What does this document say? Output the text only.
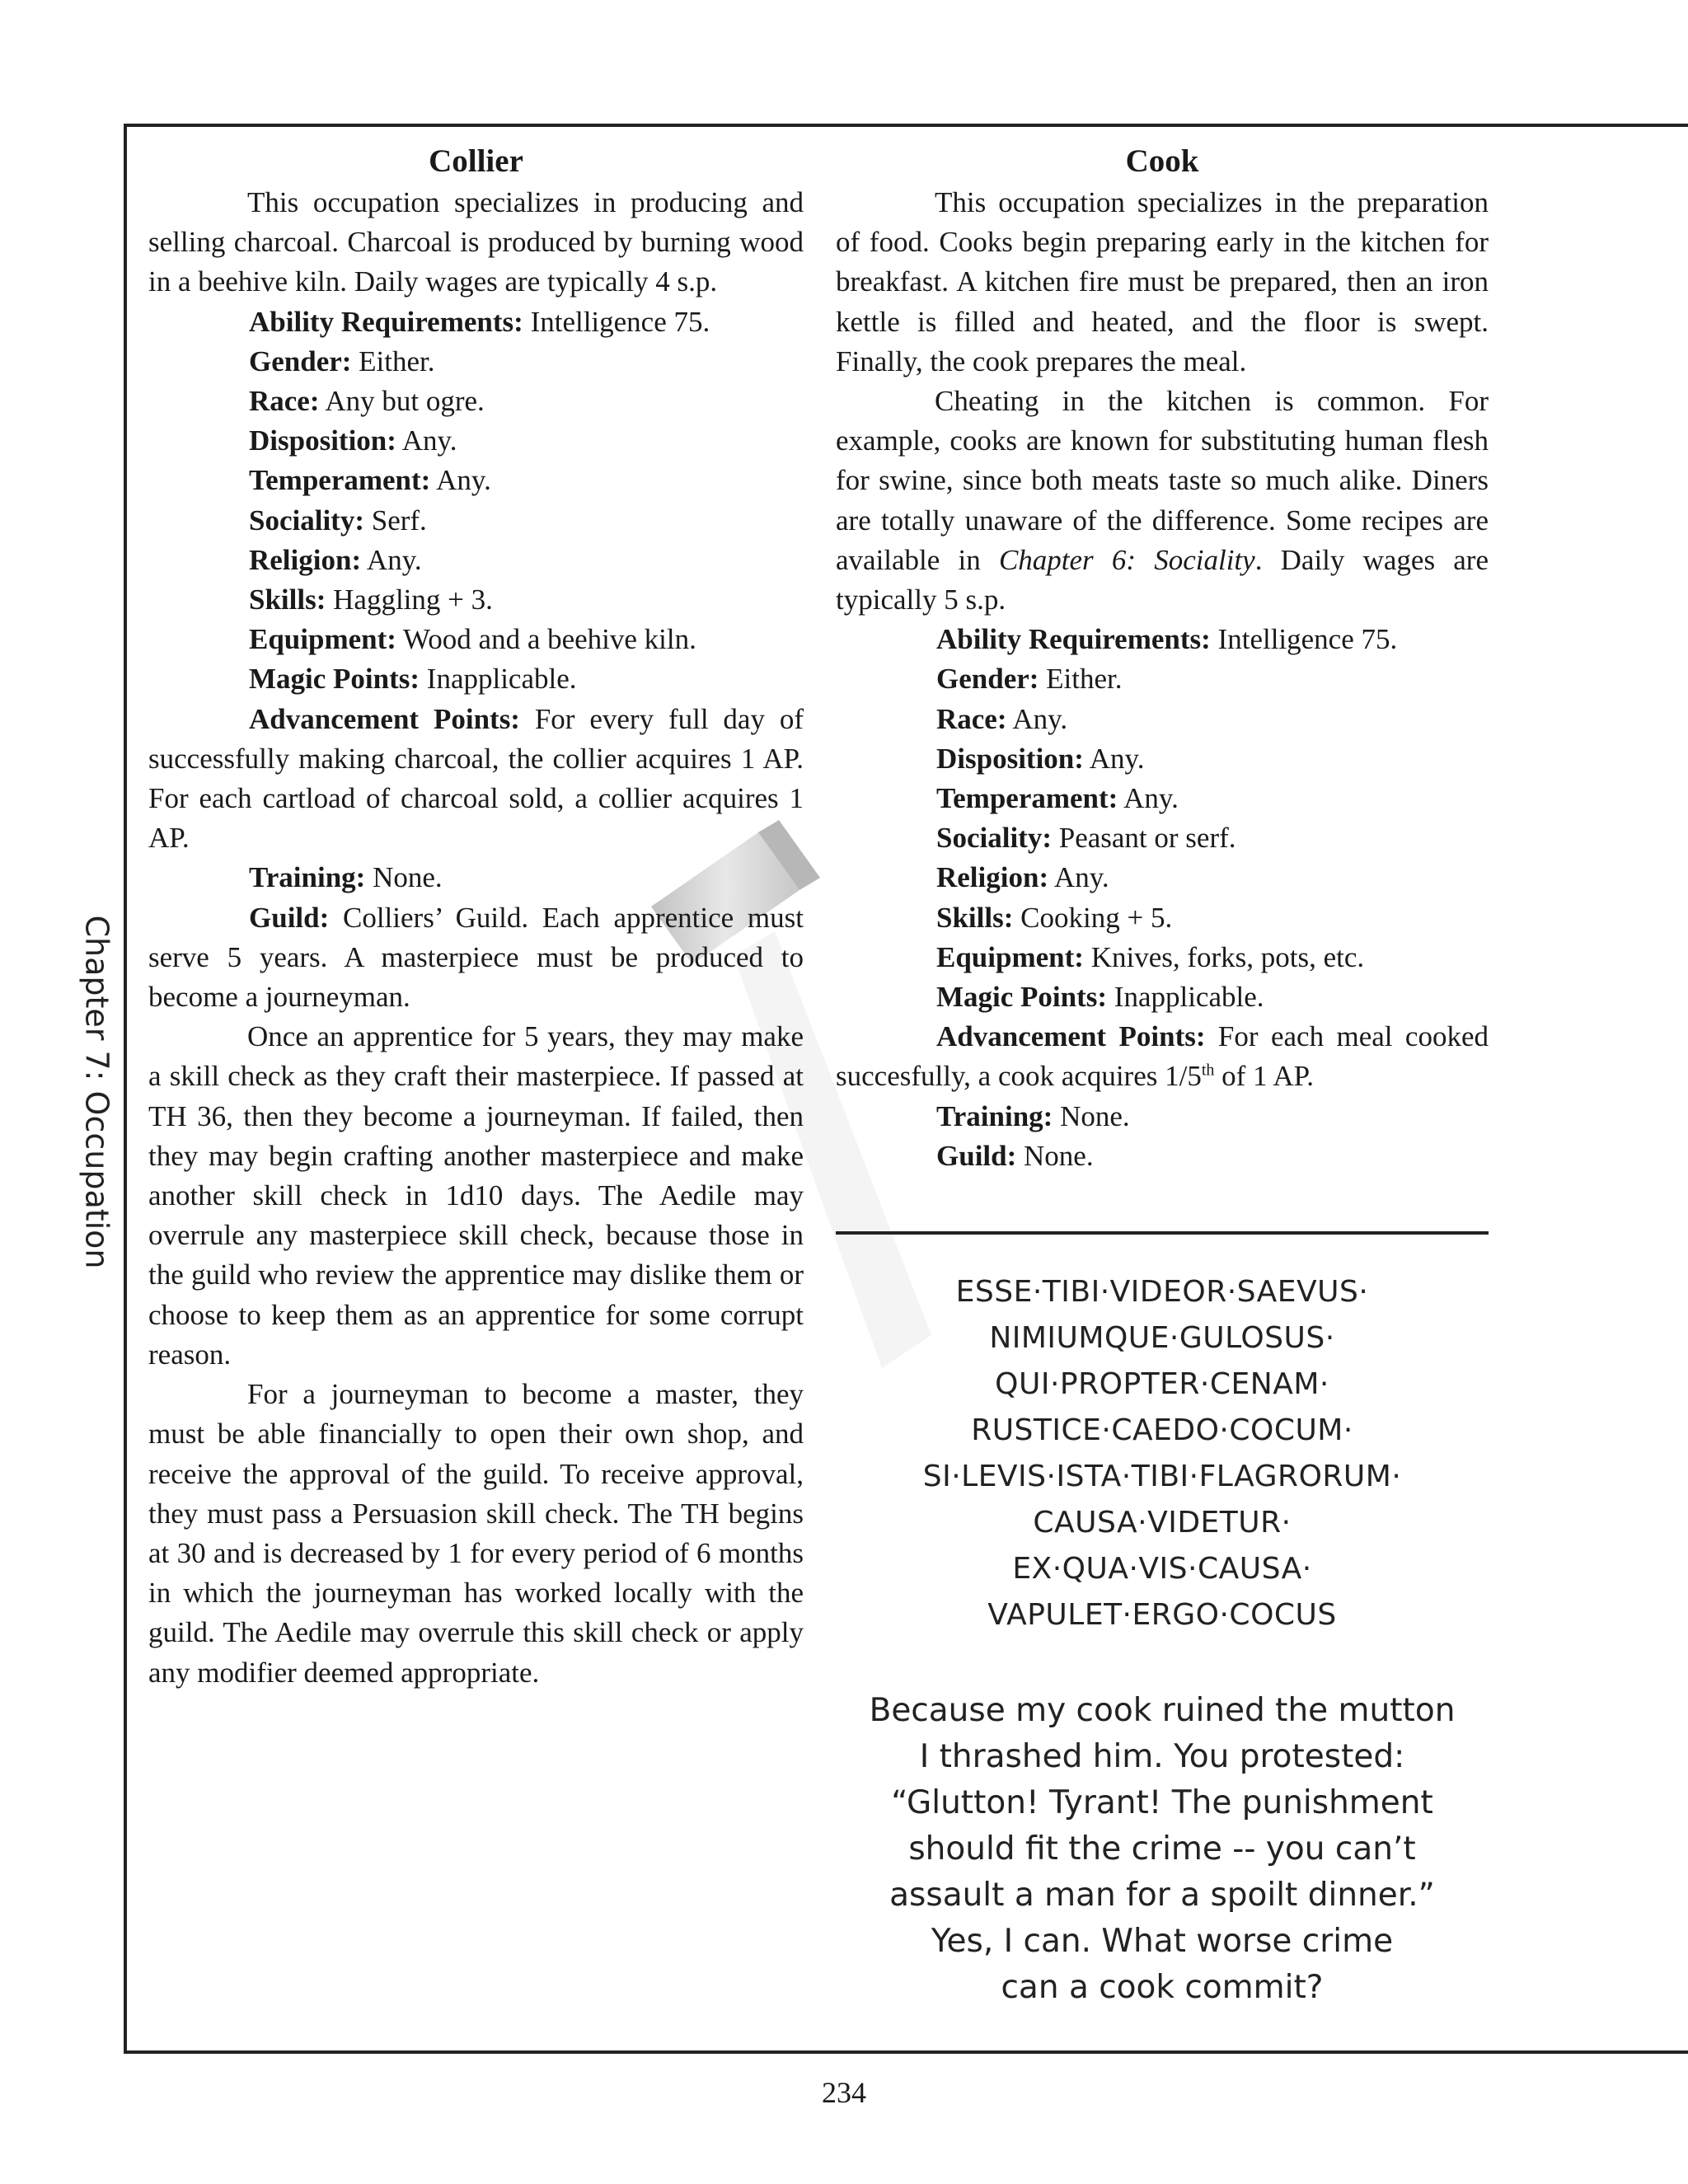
Chapter 7: Occupation
Collier

This occupation specializes in producing and selling charcoal. Charcoal is produced by burning wood in a beehive kiln. Daily wages are typically 4 s.p.

Ability Requirements: Intelligence 75.

Gender: Either.

Race: Any but ogre.

Disposition: Any.

Temperament: Any.

Sociality: Serf.

Religion: Any.

Skills: Haggling + 3.

Equipment: Wood and a beehive kiln.

Magic Points: Inapplicable.

Advancement Points: For every full day of successfully making charcoal, the collier acquires 1 AP. For each cartload of charcoal sold, a collier acquires 1 AP.

Training: None.

Guild: Colliers’ Guild. Each apprentice must serve 5 years. A masterpiece must be produced to become a journeyman.

Once an apprentice for 5 years, they may make a skill check as they craft their masterpiece. If passed at TH 36, then they become a journeyman. If failed, then they may begin crafting another masterpiece and make another skill check in 1d10 days. The Aedile may overrule any masterpiece skill check, because those in the guild who review the apprentice may dislike them or choose to keep them as an apprentice for some corrupt reason.

For a journeyman to become a master, they must be able financially to open their own shop, and receive the approval of the guild. To receive approval, they must pass a Persuasion skill check. The TH begins at 30 and is decreased by 1 for every period of 6 months in which the journeyman has worked locally with the guild. The Aedile may overrule this skill check or apply any modifier deemed appropriate.

Cook

This occupation specializes in the preparation of food. Cooks begin preparing early in the kitchen for breakfast. A kitchen fire must be prepared, then an iron kettle is filled and heated, and the floor is swept. Finally, the cook prepares the meal.

Cheating in the kitchen is common. For example, cooks are known for substituting human flesh for swine, since both meats taste so much alike. Diners are totally unaware of the difference. Some recipes are available in Chapter 6: Sociality. Daily wages are typically 5 s.p.

Ability Requirements: Intelligence 75.

Gender: Either.

Race: Any.

Disposition: Any.

Temperament: Any.

Sociality: Peasant or serf.

Religion: Any.

Skills: Cooking + 5.

Equipment: Knives, forks, pots, etc.

Magic Points: Inapplicable.

Advancement Points: For each meal cooked succesfully, a cook acquires 1/5th of 1 AP.

Training: None.

Guild: None.

ESSE·TIBI·VIDEOR·SAEVUS·
NIMIUMQUE·GULOSUS·
QUI·PROPTER·CENAM·
RUSTICE·CAEDO·COCUM·
SI·LEVIS·ISTA·TIBI·FLAGRORUM·
CAUSA·VIDETUR·
EX·QUA·VIS·CAUSA·
VAPULET·ERGO·COCUS
Because my cook ruined the mutton
I thrashed him. You protested:
“Glutton! Tyrant! The punishment
should fit the crime -- you can’t
assault a man for a spoilt dinner.”
Yes, I can. What worse crime
can a cook commit?
234
